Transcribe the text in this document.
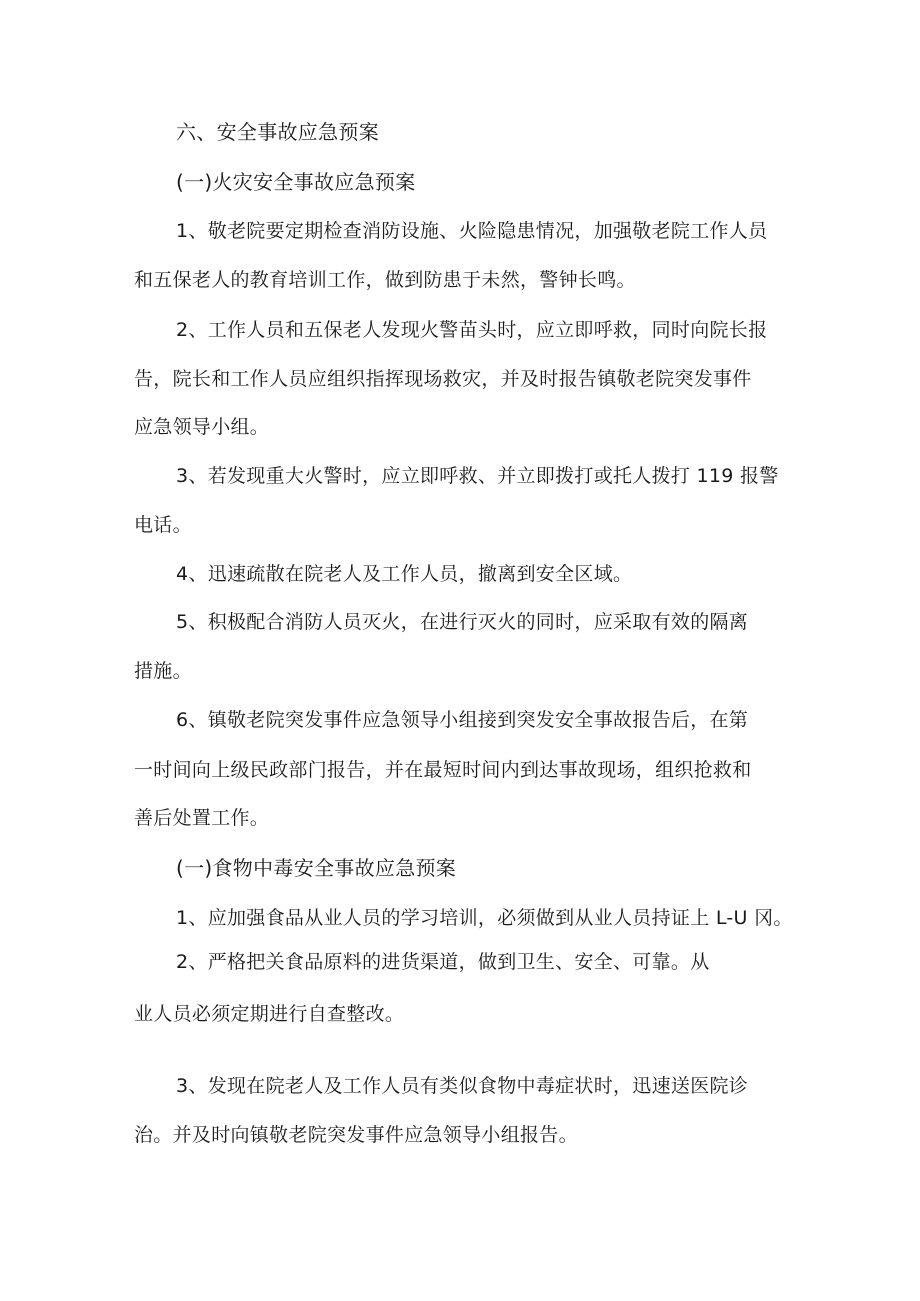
六、安全事故应急预案
(一)火灾安全事故应急预案
1、敬老院要定期检查消防设施、火险隐患情况，加强敬老院工作人员
和五保老人的教育培训工作，做到防患于未然，警钟长鸣。
2、工作人员和五保老人发现火警苗头时，应立即呼救，同时向院长报
告，院长和工作人员应组织指挥现场救灾，并及时报告镇敬老院突发事件
应急领导小组。
3、若发现重大火警时，应立即呼救、并立即拨打或托人拨打 119 报警
电话。
4、迅速疏散在院老人及工作人员，撤离到安全区域。
5、积极配合消防人员灭火，在进行灭火的同时，应采取有效的隔离
措施。
6、镇敬老院突发事件应急领导小组接到突发安全事故报告后，在第
一时间向上级民政部门报告，并在最短时间内到达事故现场，组织抢救和
善后处置工作。
(一)食物中毒安全事故应急预案
1、应加强食品从业人员的学习培训，必须做到从业人员持证上 L-U 冈。
2、严格把关食品原料的进货渠道，做到卫生、安全、可靠。从
业人员必须定期进行自查整改。
3、发现在院老人及工作人员有类似食物中毒症状时，迅速送医院诊
治。并及时向镇敬老院突发事件应急领导小组报告。
